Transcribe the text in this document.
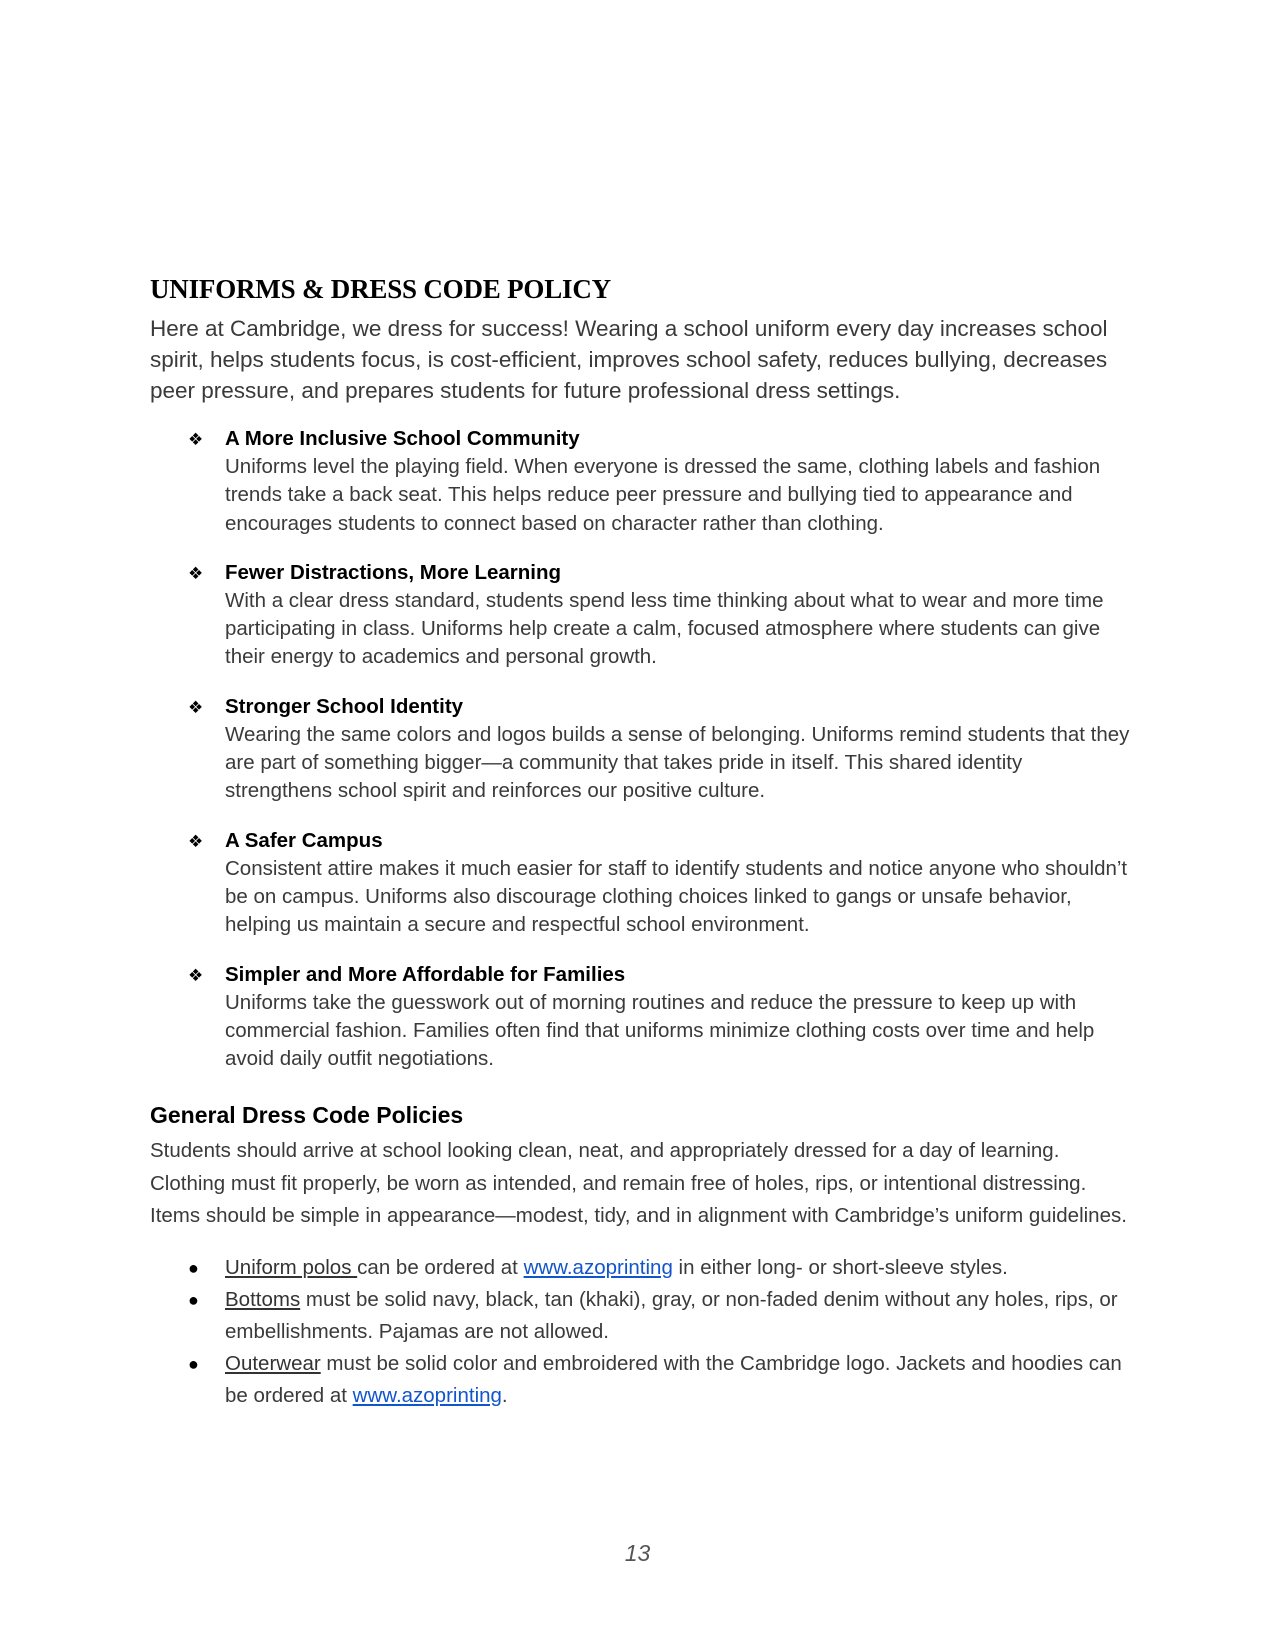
UNIFORMS & DRESS CODE POLICY

Here at Cambridge, we dress for success! Wearing a school uniform every day increases school spirit, helps students focus, is cost-efficient, improves school safety, reduces bullying, decreases peer pressure, and prepares students for future professional dress settings.

❖ A More Inclusive School Community
Uniforms level the playing field. When everyone is dressed the same, clothing labels and fashion trends take a back seat. This helps reduce peer pressure and bullying tied to appearance and encourages students to connect based on character rather than clothing.
❖ Fewer Distractions, More Learning
With a clear dress standard, students spend less time thinking about what to wear and more time participating in class. Uniforms help create a calm, focused atmosphere where students can give their energy to academics and personal growth.
❖ Stronger School Identity
Wearing the same colors and logos builds a sense of belonging. Uniforms remind students that they are part of something bigger—a community that takes pride in itself. This shared identity strengthens school spirit and reinforces our positive culture.
❖ A Safer Campus
Consistent attire makes it much easier for staff to identify students and notice anyone who shouldn’t be on campus. Uniforms also discourage clothing choices linked to gangs or unsafe behavior, helping us maintain a secure and respectful school environment.
❖ Simpler and More Affordable for Families
Uniforms take the guesswork out of morning routines and reduce the pressure to keep up with commercial fashion. Families often find that uniforms minimize clothing costs over time and help avoid daily outfit negotiations.
General Dress Code Policies

Students should arrive at school looking clean, neat, and appropriately dressed for a day of learning. Clothing must fit properly, be worn as intended, and remain free of holes, rips, or intentional distressing. Items should be simple in appearance—modest, tidy, and in alignment with Cambridge’s uniform guidelines.

● Uniform polos can be ordered at www.azoprinting in either long- or short-sleeve styles.
● Bottoms must be solid navy, black, tan (khaki), gray, or non-faded denim without any holes, rips, or embellishments. Pajamas are not allowed.
● Outerwear must be solid color and embroidered with the Cambridge logo. Jackets and hoodies can be ordered at www.azoprinting.
13
